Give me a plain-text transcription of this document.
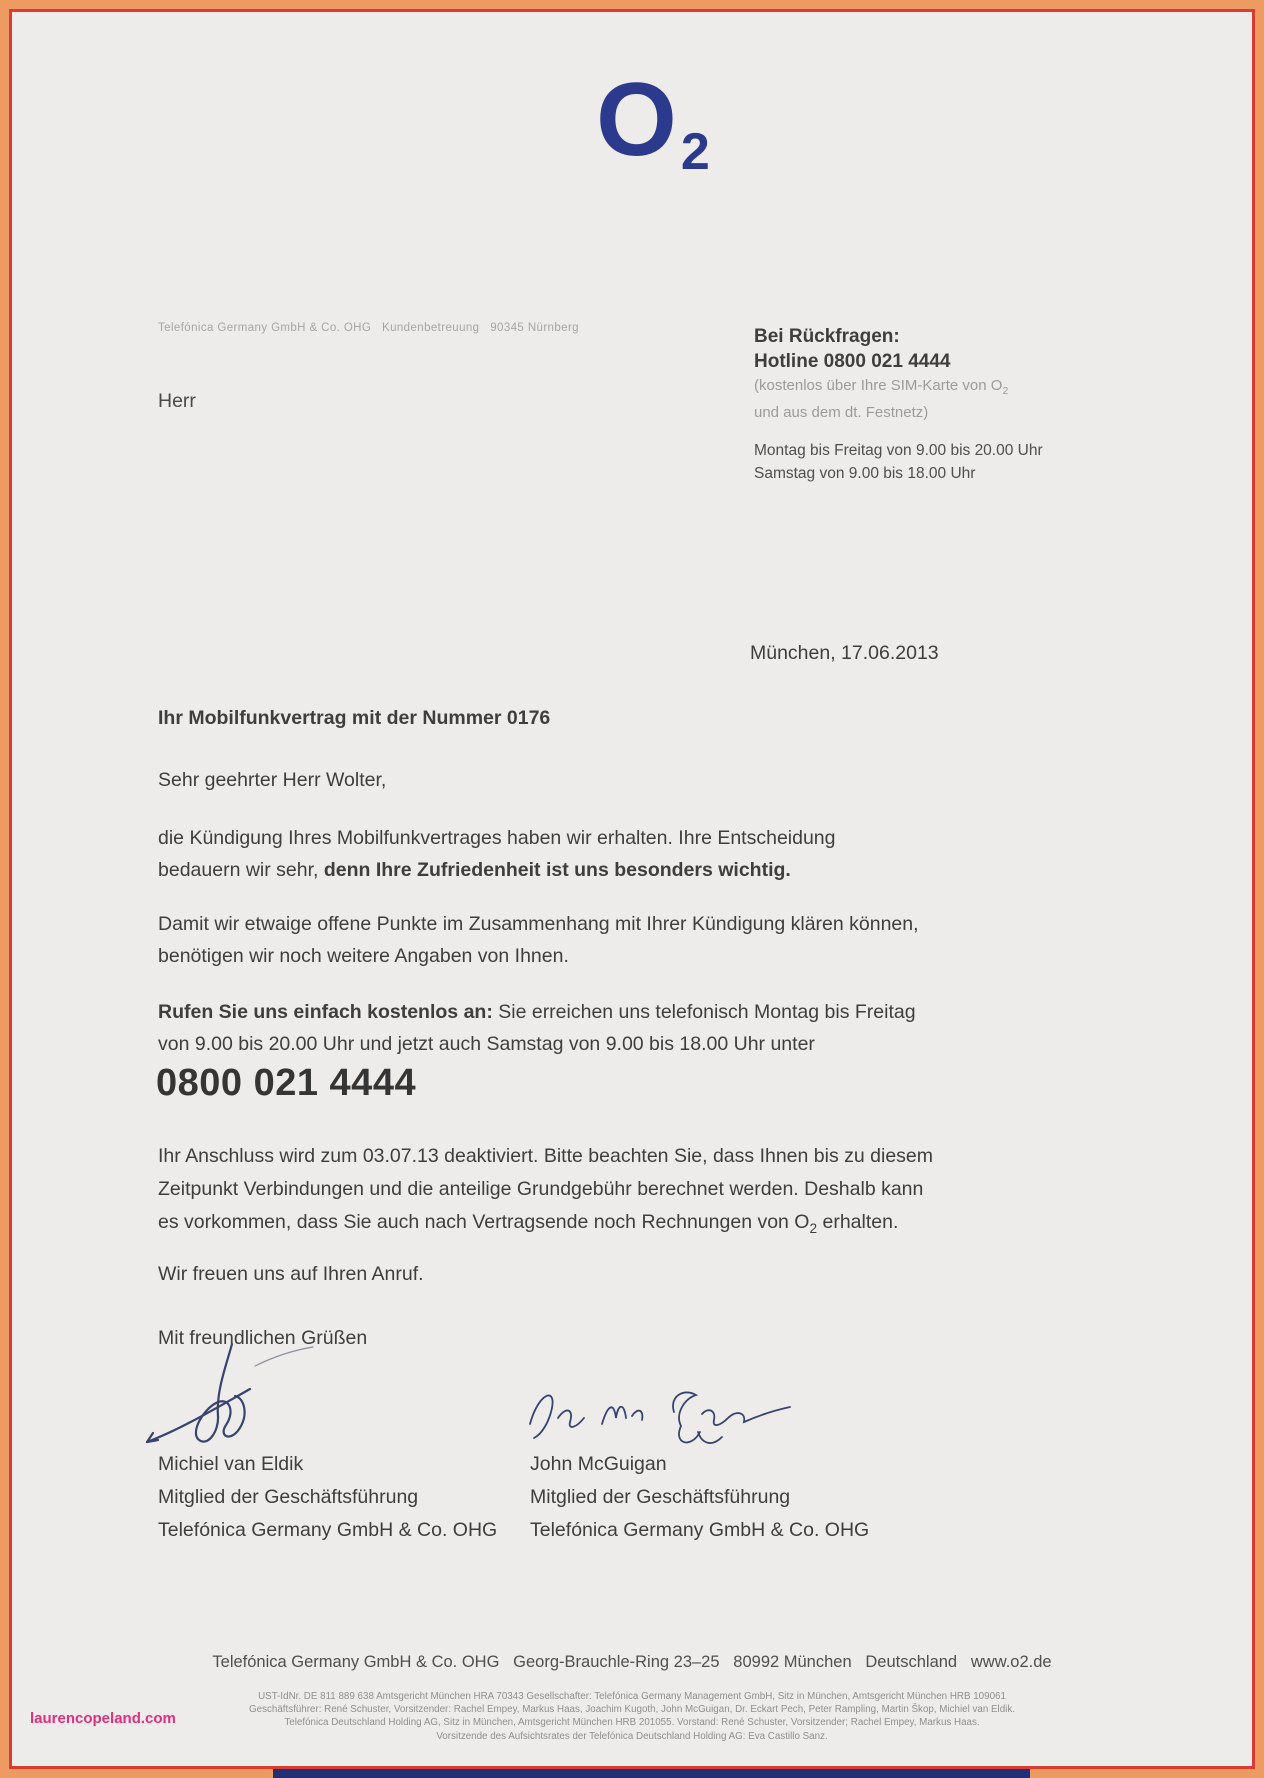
O2
Telefónica Germany GmbH & Co. OHG   Kundenbetreuung   90345 Nürnberg
Herr
Bei Rückfragen:
Hotline 0800 021 4444
(kostenlos über Ihre SIM-Karte von $O_2$
und aus dem dt. Festnetz)
Montag bis Freitag von 9.00 bis 20.00 Uhr
Samstag von 9.00 bis 18.00 Uhr
München, 17.06.2013
Ihr Mobilfunkvertrag mit der Nummer 0176
Sehr geehrter Herr Wolter,
die Kündigung Ihres Mobilfunkvertrages haben wir erhalten. Ihre Entscheidung
bedauern wir sehr, denn Ihre Zufriedenheit ist uns besonders wichtig.
Damit wir etwaige offene Punkte im Zusammenhang mit Ihrer Kündigung klären können,
benötigen wir noch weitere Angaben von Ihnen.
Rufen Sie uns einfach kostenlos an: Sie erreichen uns telefonisch Montag bis Freitag
von 9.00 bis 20.00 Uhr und jetzt auch Samstag von 9.00 bis 18.00 Uhr unter
0800 021 4444
Ihr Anschluss wird zum 03.07.13 deaktiviert. Bitte beachten Sie, dass Ihnen bis zu diesem
Zeitpunkt Verbindungen und die anteilige Grundgebühr berechnet werden. Deshalb kann
es vorkommen, dass Sie auch nach Vertragsende noch Rechnungen von $O_2$ erhalten.
Wir freuen uns auf Ihren Anruf.
Mit freundlichen Grüßen
Michiel van Eldik
Mitglied der Geschäftsführung
Telefónica Germany GmbH & Co. OHG
John McGuigan
Mitglied der Geschäftsführung
Telefónica Germany GmbH & Co. OHG
Telefónica Germany GmbH & Co. OHG   Georg-Brauchle-Ring 23–25   80992 München   Deutschland   www.o2.de
UST-IdNr. DE 811 889 638 Amtsgericht München HRA 70343 Gesellschafter: Telefónica Germany Management GmbH, Sitz in München, Amtsgericht München HRB 109061
Geschäftsführer: René Schuster, Vorsitzender: Rachel Empey, Markus Haas, Joachim Kugoth, John McGuigan, Dr. Eckart Pech, Peter Rampling, Martin Škop, Michiel van Eldik.
Telefónica Deutschland Holding AG, Sitz in München, Amtsgericht München HRB 201055. Vorstand: René Schuster, Vorsitzender; Rachel Empey, Markus Haas.
Vorsitzende des Aufsichtsrates der Telefónica Deutschland Holding AG: Eva Castillo Sanz.
laurencopeland.com
